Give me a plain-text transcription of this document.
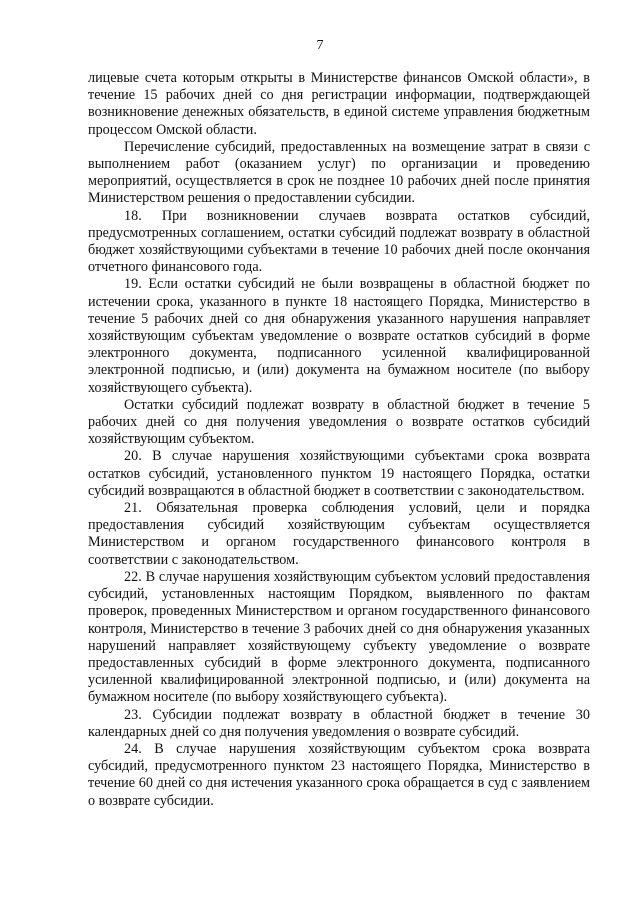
7

лицевые счета которым открыты в Министерстве финансов Омской области», в течение 15 рабочих дней со дня регистрации информации, подтверждающей возникновение денежных обязательств, в единой системе управления бюджетным процессом Омской области.

Перечисление субсидий, предоставленных на возмещение затрат в связи с выполнением работ (оказанием услуг) по организации и проведению мероприятий, осуществляется в срок не позднее 10 рабочих дней после принятия Министерством решения о предоставлении субсидии.

18. При возникновении случаев возврата остатков субсидий, предусмотренных соглашением, остатки субсидий подлежат возврату в областной бюджет хозяйствующими субъектами в течение 10 рабочих дней после окончания отчетного финансового года.

19. Если остатки субсидий не были возвращены в областной бюджет по истечении срока, указанного в пункте 18 настоящего Порядка, Министерство в течение 5 рабочих дней со дня обнаружения указанного нарушения направляет хозяйствующим субъектам уведомление о возврате остатков субсидий в форме электронного документа, подписанного усиленной квалифицированной электронной подписью, и (или) документа на бумажном носителе (по выбору хозяйствующего субъекта).

Остатки субсидий подлежат возврату в областной бюджет в течение 5 рабочих дней со дня получения уведомления о возврате остатков субсидий хозяйствующим субъектом.

20. В случае нарушения хозяйствующими субъектами срока возврата остатков субсидий, установленного пунктом 19 настоящего Порядка, остатки субсидий возвращаются в областной бюджет в соответствии с законодательством.

21. Обязательная проверка соблюдения условий, цели и порядка предоставления субсидий хозяйствующим субъектам осуществляется Министерством и органом государственного финансового контроля в соответствии с законодательством.

22. В случае нарушения хозяйствующим субъектом условий предоставления субсидий, установленных настоящим Порядком, выявленного по фактам проверок, проведенных Министерством и органом государственного финансового контроля, Министерство в течение 3 рабочих дней со дня обнаружения указанных нарушений направляет хозяйствующему субъекту уведомление о возврате предоставленных субсидий в форме электронного документа, подписанного усиленной квалифицированной электронной подписью, и (или) документа на бумажном носителе (по выбору хозяйствующего субъекта).

23. Субсидии подлежат возврату в областной бюджет в течение 30 календарных дней со дня получения уведомления о возврате субсидий.

24. В случае нарушения хозяйствующим субъектом срока возврата субсидий, предусмотренного пунктом 23 настоящего Порядка, Министерство в течение 60 дней со дня истечения указанного срока обращается в суд с заявлением о возврате субсидии.
